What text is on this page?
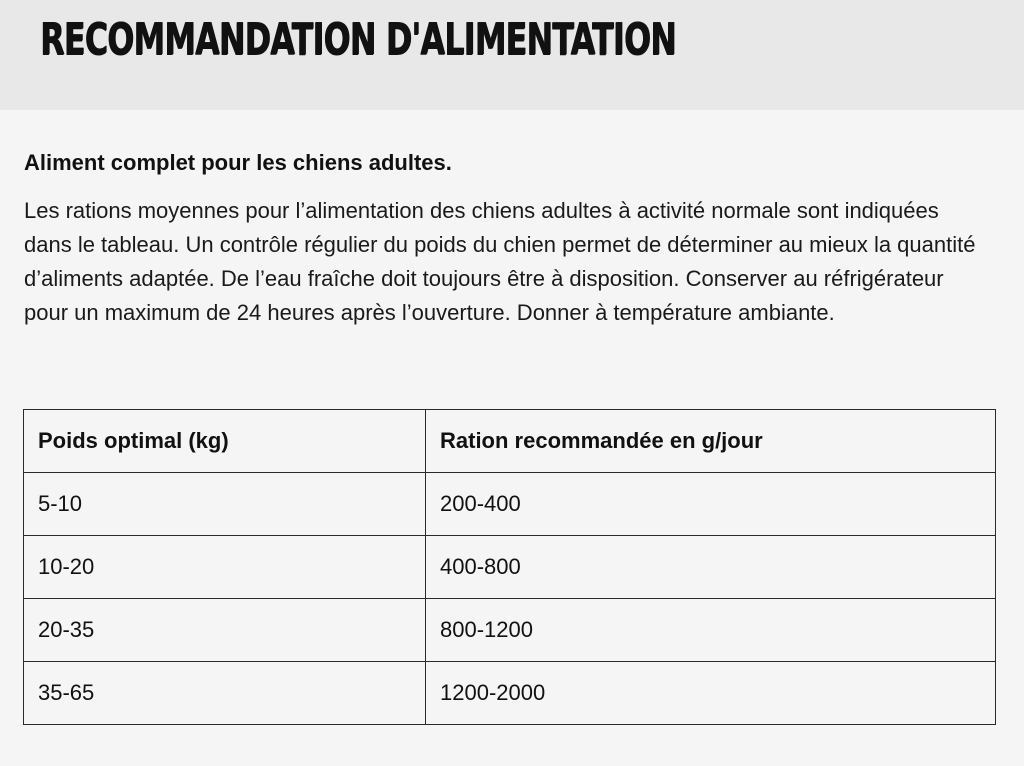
RECOMMANDATION D'ALIMENTATION

Aliment complet pour les chiens adultes.

Les rations moyennes pour l’alimentation des chiens adultes à activité normale sont indiquées dans le tableau. Un contrôle régulier du poids du chien permet de déterminer au mieux la quantité d’aliments adaptée. De l’eau fraîche doit toujours être à disposition. Conserver au réfrigérateur pour un maximum de 24 heures après l’ouverture. Donner à température ambiante.

Poids optimal (kg)	Ration recommandée en g/jour
5-10	200-400
10-20	400-800
20-35	800-1200
35-65	1200-2000
